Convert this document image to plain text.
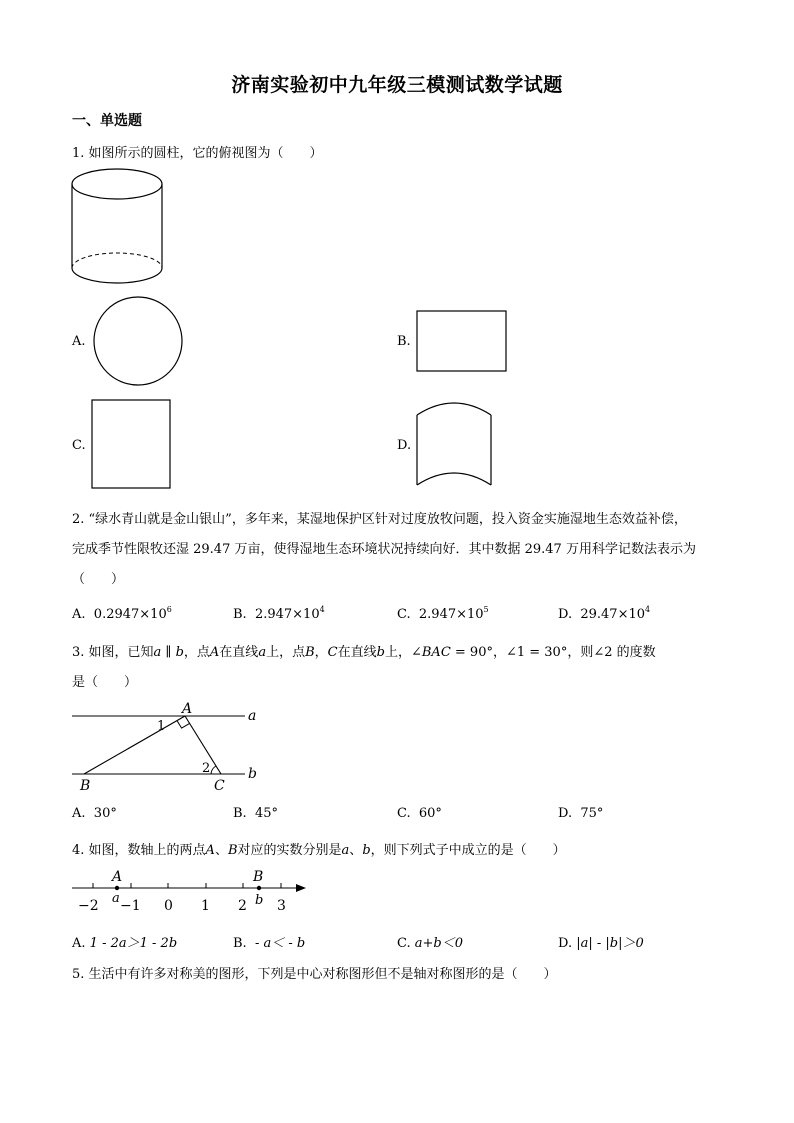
济南实验初中九年级三模测试数学试题
一、单选题
1. 如图所示的圆柱，它的俯视图为（　　）
A.	B.
C.	D.
2. “绿水青山就是金山银山”，多年来，某湿地保护区针对过度放牧问题，投入资金实施湿地生态效益补偿，
完成季节性限牧还湿 29.47 万亩，使得湿地生态环境状况持续向好．其中数据 29.47 万用科学记数法表示为
（　　）
A. $0.2947\times 10^6$	B. $2.947\times 10^4$	C. $2.947\times 10^5$	D. $29.47\times 10^4$
3. 如图，已知a ∥ b，点A在直线a上，点B，C在直线b上，∠BAC = 90°，∠1 = 30°，则∠2 的度数
是（　　）
A	a
B	C
b
1
2
A. 30°	B. 45°	C. 60°	D. 75°
4. 如图，数轴上的两点A、B对应的实数分别是a、b，则下列式子中成立的是（　　）
A	B
a	b
−2 −1 0 1 2 3
A. 1 - 2a＞1 - 2b	B. - a＜ - b	C. a+b＜0	D. |a| - |b|＞0
5. 生活中有许多对称美的图形，下列是中心对称图形但不是轴对称图形的是（　　）
